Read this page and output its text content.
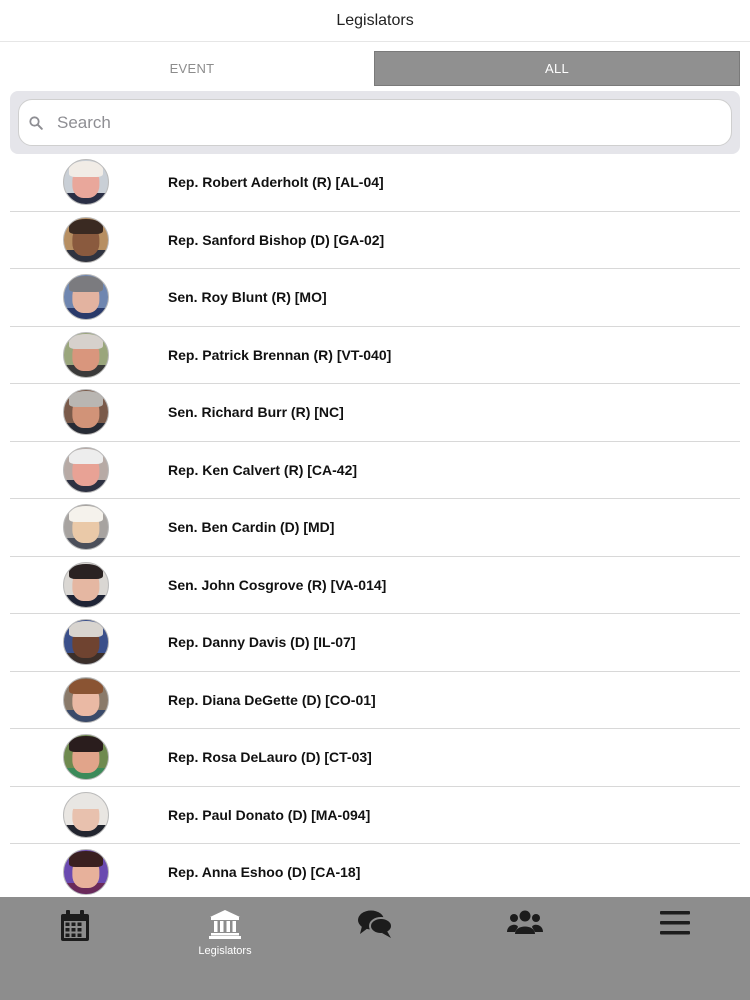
Legislators
EVENT	ALL
Search
Rep. Robert Aderholt (R) [AL-04]
Rep. Sanford Bishop (D) [GA-02]
Sen. Roy Blunt (R) [MO]
Rep. Patrick Brennan (R) [VT-040]
Sen. Richard Burr (R) [NC]
Rep. Ken Calvert (R) [CA-42]
Sen. Ben Cardin (D) [MD]
Sen. John Cosgrove (R) [VA-014]
Rep. Danny Davis (D) [IL-07]
Rep. Diana DeGette (D) [CO-01]
Rep. Rosa DeLauro (D) [CT-03]
Rep. Paul Donato (D) [MA-094]
Rep. Anna Eshoo (D) [CA-18]
Legislators
